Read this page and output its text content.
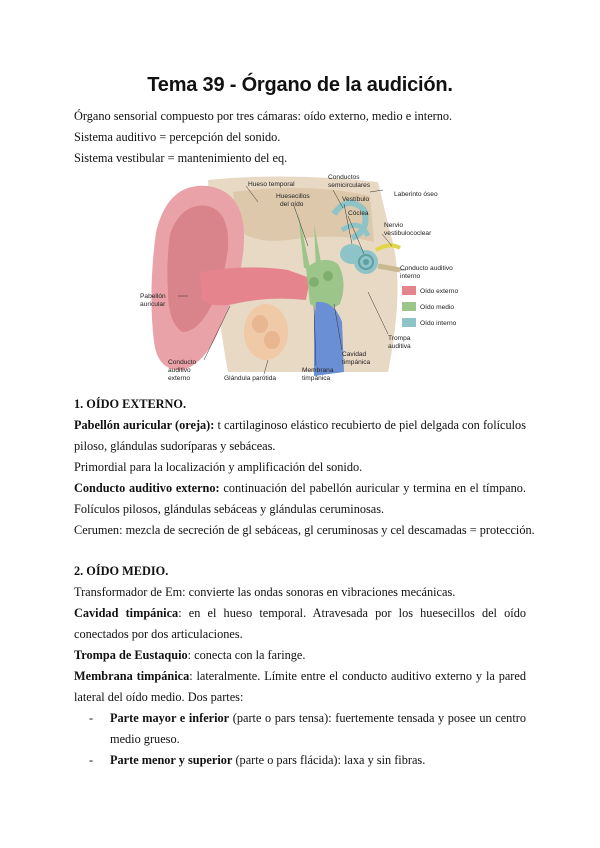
Tema 39 - Órgano de la audición.
Órgano sensorial compuesto por tres cámaras: oído externo, medio e interno.
Sistema auditivo = percepción del sonido.
Sistema vestibular = mantenimiento del eq.
Hueso temporal
Conductos
semicirculares
Laberinto óseo
Huesecillos
del oído
Vestíbulo
Cóclea
Nervio
vestibulococlear
Conducto auditivo
interno
Pabellón
auricular
Conducto
auditivo
externo	Glándula parótida
Membrana
timpánica
Cavidad
timpánica
Trompa
auditiva
Oído externo
Oído medio
Oído interno
1. OÍDO EXTERNO.
Pabellón auricular (oreja): t cartilaginoso elástico recubierto de piel delgada con folículos
piloso, glándulas sudoríparas y sebáceas.
Primordial para la localización y amplificación del sonido.
Conducto auditivo externo: continuación del pabellón auricular y termina en el tímpano.
Folículos pilosos, glándulas sebáceas y glándulas ceruminosas.
Cerumen: mezcla de secreción de gl sebáceas, gl ceruminosas y cel descamadas = protección.
2. OÍDO MEDIO.
Transformador de Em: convierte las ondas sonoras en vibraciones mecánicas.
Cavidad timpánica: en el hueso temporal. Atravesada por los huesecillos del oído
conectados por dos articulaciones.
Trompa de Eustaquio: conecta con la faringe.
Membrana timpánica: lateralmente. Límite entre el conducto auditivo externo y la pared
lateral del oído medio. Dos partes:
- Parte mayor e inferior (parte o pars tensa): fuertemente tensada y posee un centro
medio grueso.
- Parte menor y superior (parte o pars flácida): laxa y sin fibras.
